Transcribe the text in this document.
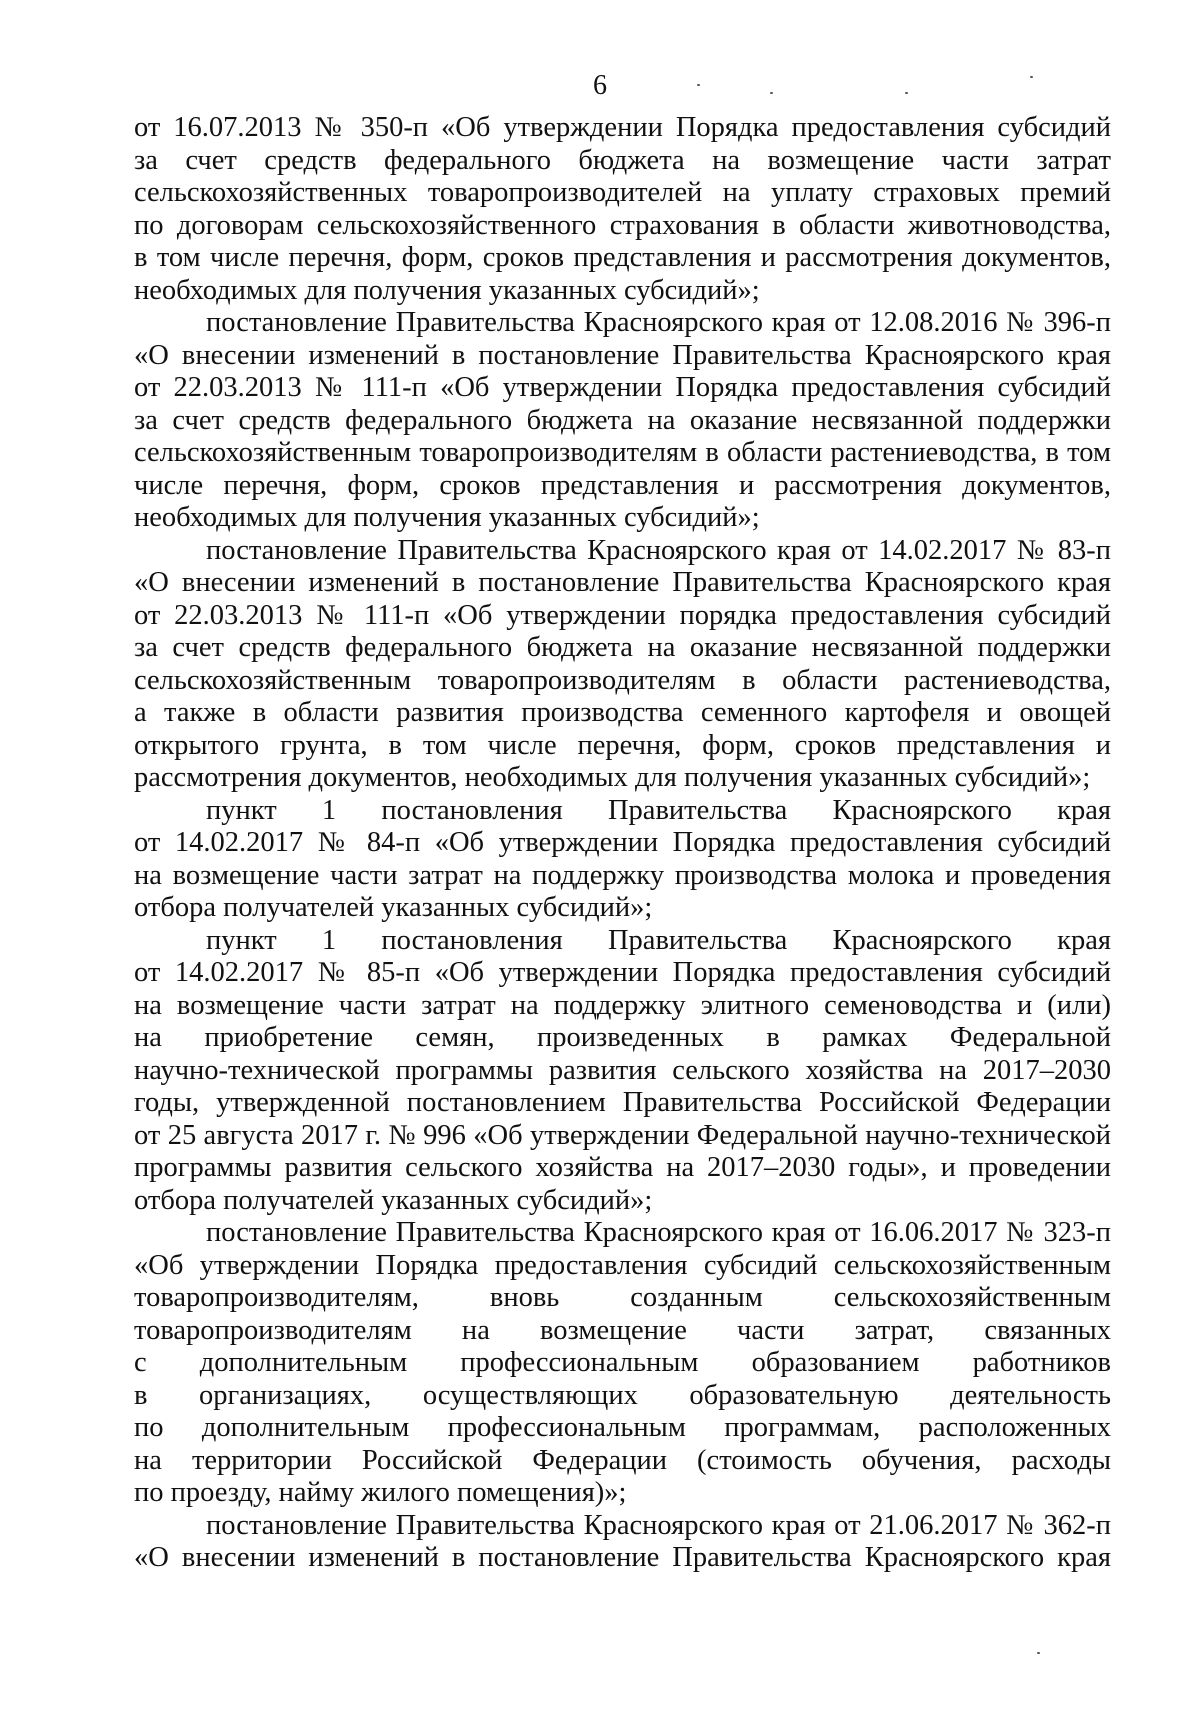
6
от 16.07.2013 № 350-п «Об утверждении Порядка предоставления субсидий
за счет средств федерального бюджета на возмещение части затрат
сельскохозяйственных товаропроизводителей на уплату страховых премий
по договорам сельскохозяйственного страхования в области животноводства,
в том числе перечня, форм, сроков представления и рассмотрения документов,
необходимых для получения указанных субсидий»;
постановление Правительства Красноярского края от 12.08.2016 № 396-п
«О внесении изменений в постановление Правительства Красноярского края
от 22.03.2013 № 111-п «Об утверждении Порядка предоставления субсидий
за счет средств федерального бюджета на оказание несвязанной поддержки
сельскохозяйственным товаропроизводителям в области растениеводства, в том
числе перечня, форм, сроков представления и рассмотрения документов,
необходимых для получения указанных субсидий»;
постановление Правительства Красноярского края от 14.02.2017 № 83-п
«О внесении изменений в постановление Правительства Красноярского края
от 22.03.2013 № 111-п «Об утверждении порядка предоставления субсидий
за счет средств федерального бюджета на оказание несвязанной поддержки
сельскохозяйственным товаропроизводителям в области растениеводства,
а также в области развития производства семенного картофеля и овощей
открытого грунта, в том числе перечня, форм, сроков представления и
рассмотрения документов, необходимых для получения указанных субсидий»;
пункт 1 постановления Правительства Красноярского края
от 14.02.2017 № 84-п «Об утверждении Порядка предоставления субсидий
на возмещение части затрат на поддержку производства молока и проведения
отбора получателей указанных субсидий»;
пункт 1 постановления Правительства Красноярского края
от 14.02.2017 № 85-п «Об утверждении Порядка предоставления субсидий
на возмещение части затрат на поддержку элитного семеноводства и (или)
на приобретение семян, произведенных в рамках Федеральной
научно-технической программы развития сельского хозяйства на 2017–2030
годы, утвержденной постановлением Правительства Российской Федерации
от 25 августа 2017 г. № 996 «Об утверждении Федеральной научно-технической
программы развития сельского хозяйства на 2017–2030 годы», и проведении
отбора получателей указанных субсидий»;
постановление Правительства Красноярского края от 16.06.2017 № 323-п
«Об утверждении Порядка предоставления субсидий сельскохозяйственным
товаропроизводителям, вновь созданным сельскохозяйственным
товаропроизводителям на возмещение части затрат, связанных
с дополнительным профессиональным образованием работников
в организациях, осуществляющих образовательную деятельность
по дополнительным профессиональным программам, расположенных
на территории Российской Федерации (стоимость обучения, расходы
по проезду, найму жилого помещения)»;
постановление Правительства Красноярского края от 21.06.2017 № 362-п
«О внесении изменений в постановление Правительства Красноярского края
